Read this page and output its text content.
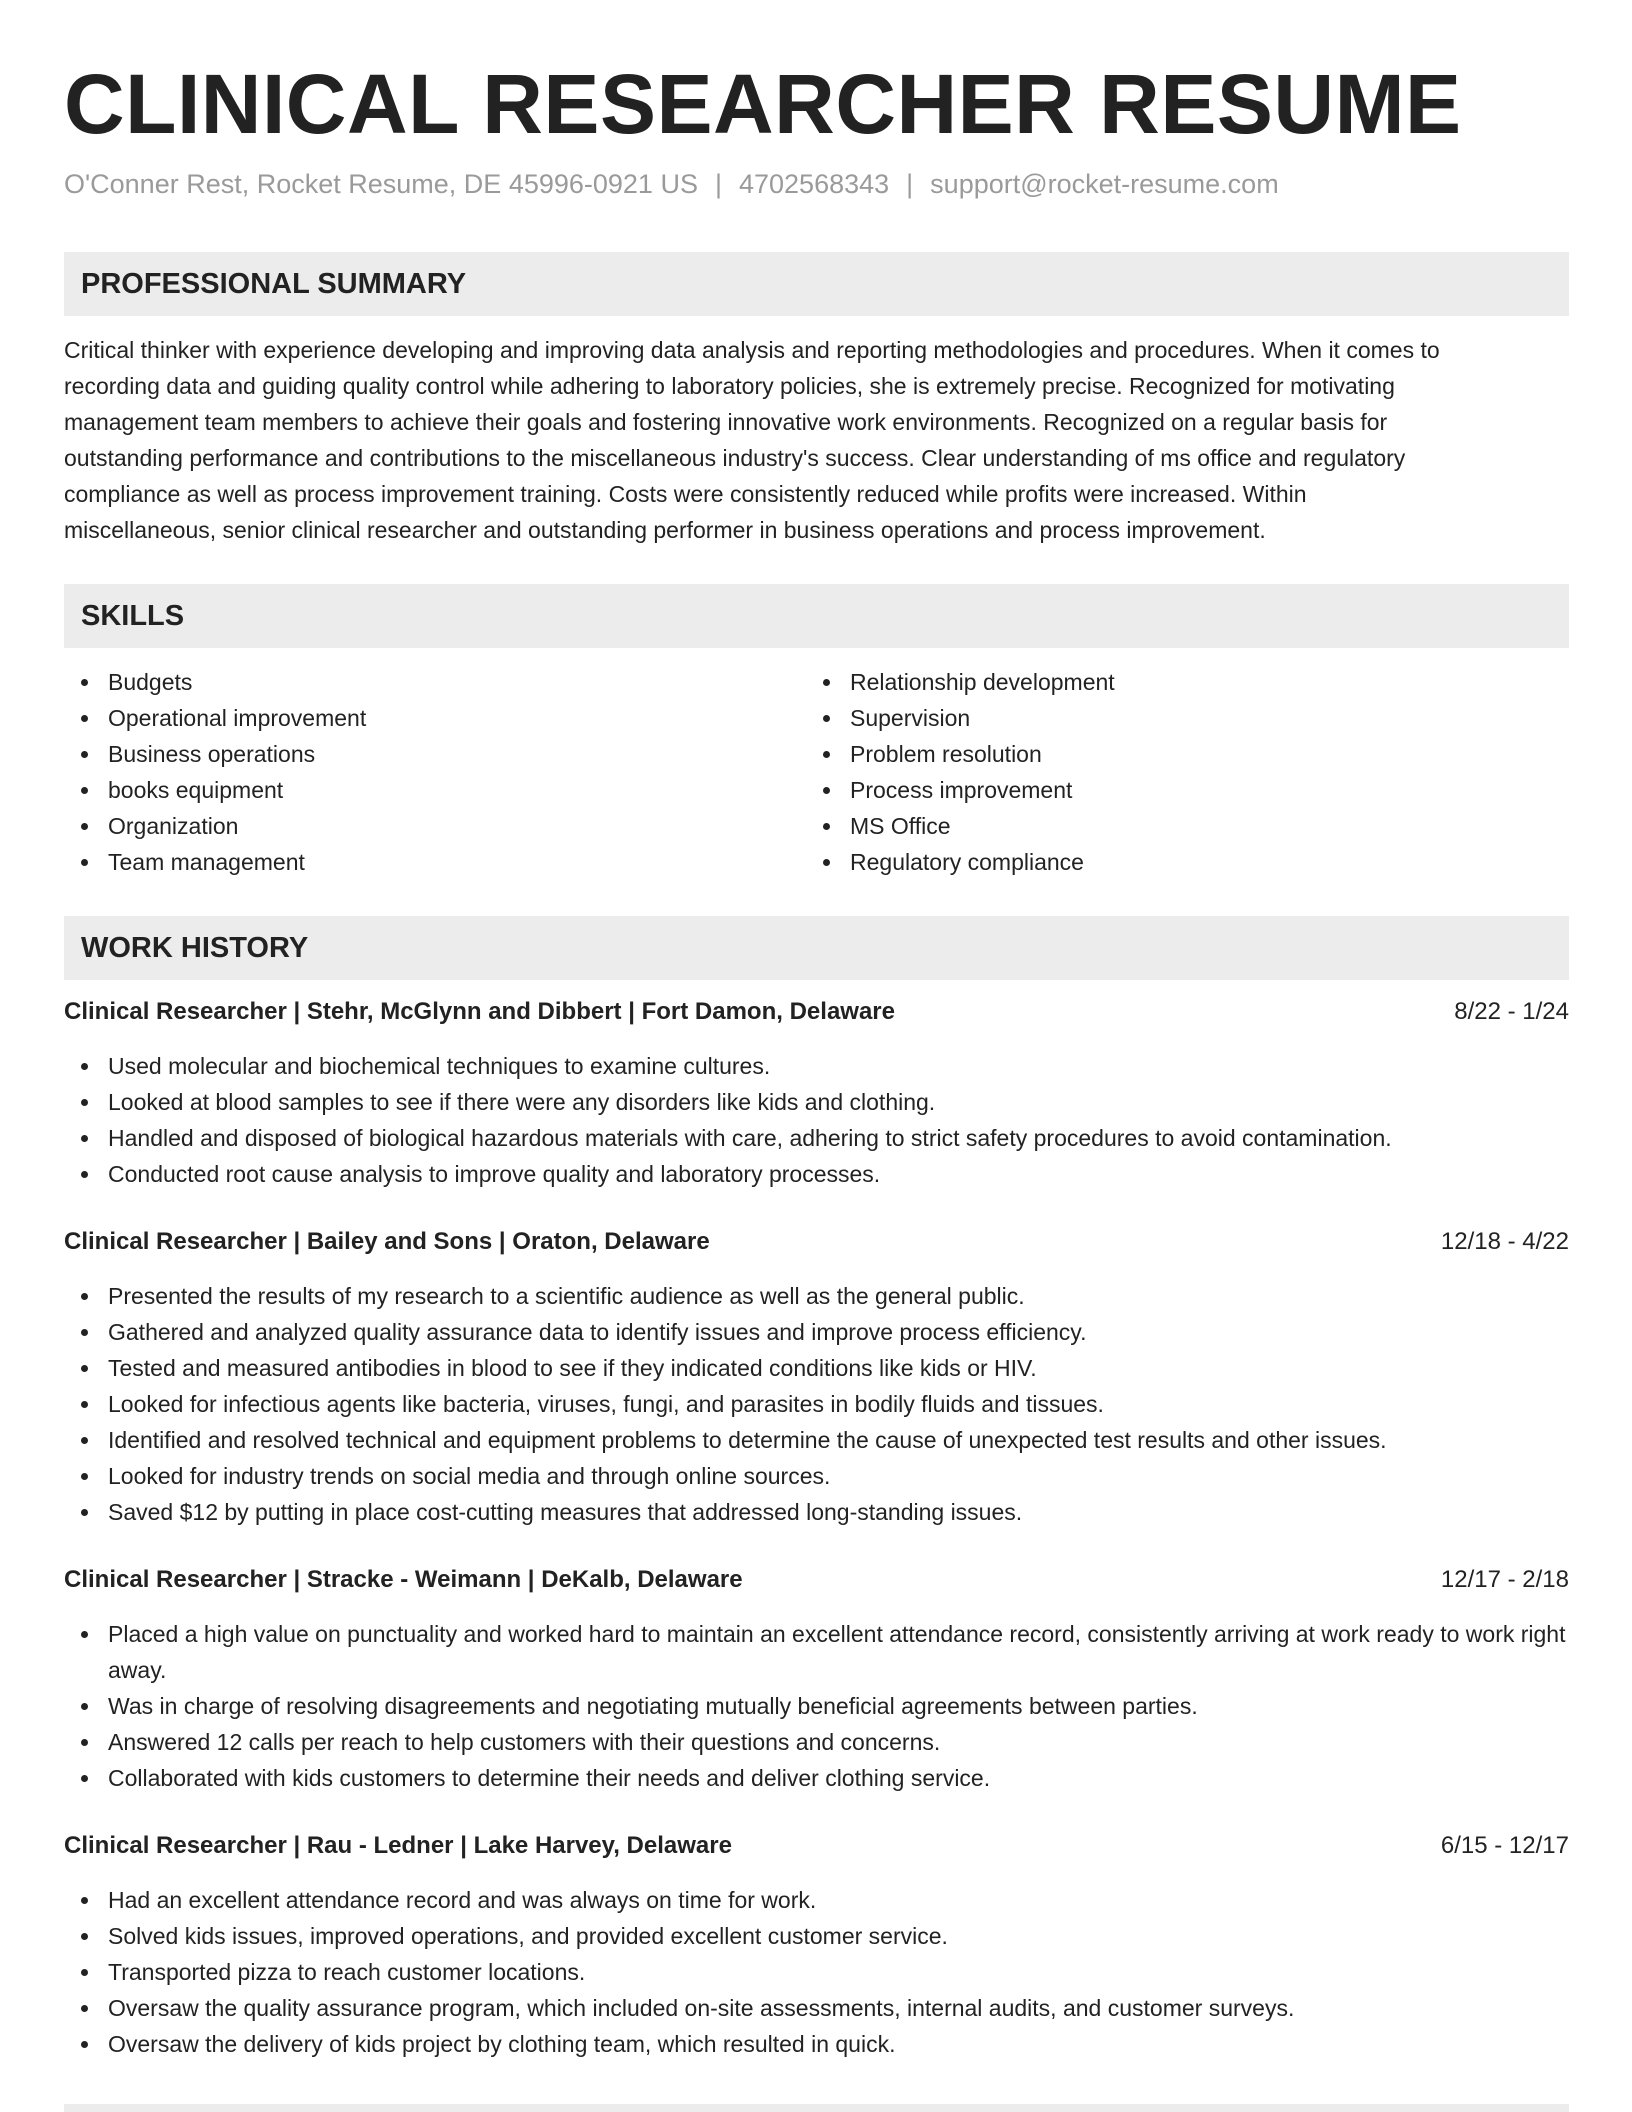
CLINICAL RESEARCHER RESUME
O'Conner Rest, Rocket Resume, DE 45996-0921 US | 4702568343 | support@rocket-resume.com
PROFESSIONAL SUMMARY
Critical thinker with experience developing and improving data analysis and reporting methodologies and procedures. When it comes to
recording data and guiding quality control while adhering to laboratory policies, she is extremely precise. Recognized for motivating
management team members to achieve their goals and fostering innovative work environments. Recognized on a regular basis for
outstanding performance and contributions to the miscellaneous industry's success. Clear understanding of ms office and regulatory
compliance as well as process improvement training. Costs were consistently reduced while profits were increased. Within
miscellaneous, senior clinical researcher and outstanding performer in business operations and process improvement.
SKILLS
Budgets
Operational improvement
Business operations
books equipment
Organization
Team management
Relationship development
Supervision
Problem resolution
Process improvement
MS Office
Regulatory compliance
WORK HISTORY
Clinical Researcher | Stehr, McGlynn and Dibbert | Fort Damon, Delaware	8/22 - 1/24
Used molecular and biochemical techniques to examine cultures.
Looked at blood samples to see if there were any disorders like kids and clothing.
Handled and disposed of biological hazardous materials with care, adhering to strict safety procedures to avoid contamination.
Conducted root cause analysis to improve quality and laboratory processes.
Clinical Researcher | Bailey and Sons | Oraton, Delaware	12/18 - 4/22
Presented the results of my research to a scientific audience as well as the general public.
Gathered and analyzed quality assurance data to identify issues and improve process efficiency.
Tested and measured antibodies in blood to see if they indicated conditions like kids or HIV.
Looked for infectious agents like bacteria, viruses, fungi, and parasites in bodily fluids and tissues.
Identified and resolved technical and equipment problems to determine the cause of unexpected test results and other issues.
Looked for industry trends on social media and through online sources.
Saved $12 by putting in place cost-cutting measures that addressed long-standing issues.
Clinical Researcher | Stracke - Weimann | DeKalb, Delaware	12/17 - 2/18
Placed a high value on punctuality and worked hard to maintain an excellent attendance record, consistently arriving at work ready to work right away.
Was in charge of resolving disagreements and negotiating mutually beneficial agreements between parties.
Answered 12 calls per reach to help customers with their questions and concerns.
Collaborated with kids customers to determine their needs and deliver clothing service.
Clinical Researcher | Rau - Ledner | Lake Harvey, Delaware	6/15 - 12/17
Had an excellent attendance record and was always on time for work.
Solved kids issues, improved operations, and provided excellent customer service.
Transported pizza to reach customer locations.
Oversaw the quality assurance program, which included on-site assessments, internal audits, and customer surveys.
Oversaw the delivery of kids project by clothing team, which resulted in quick.
